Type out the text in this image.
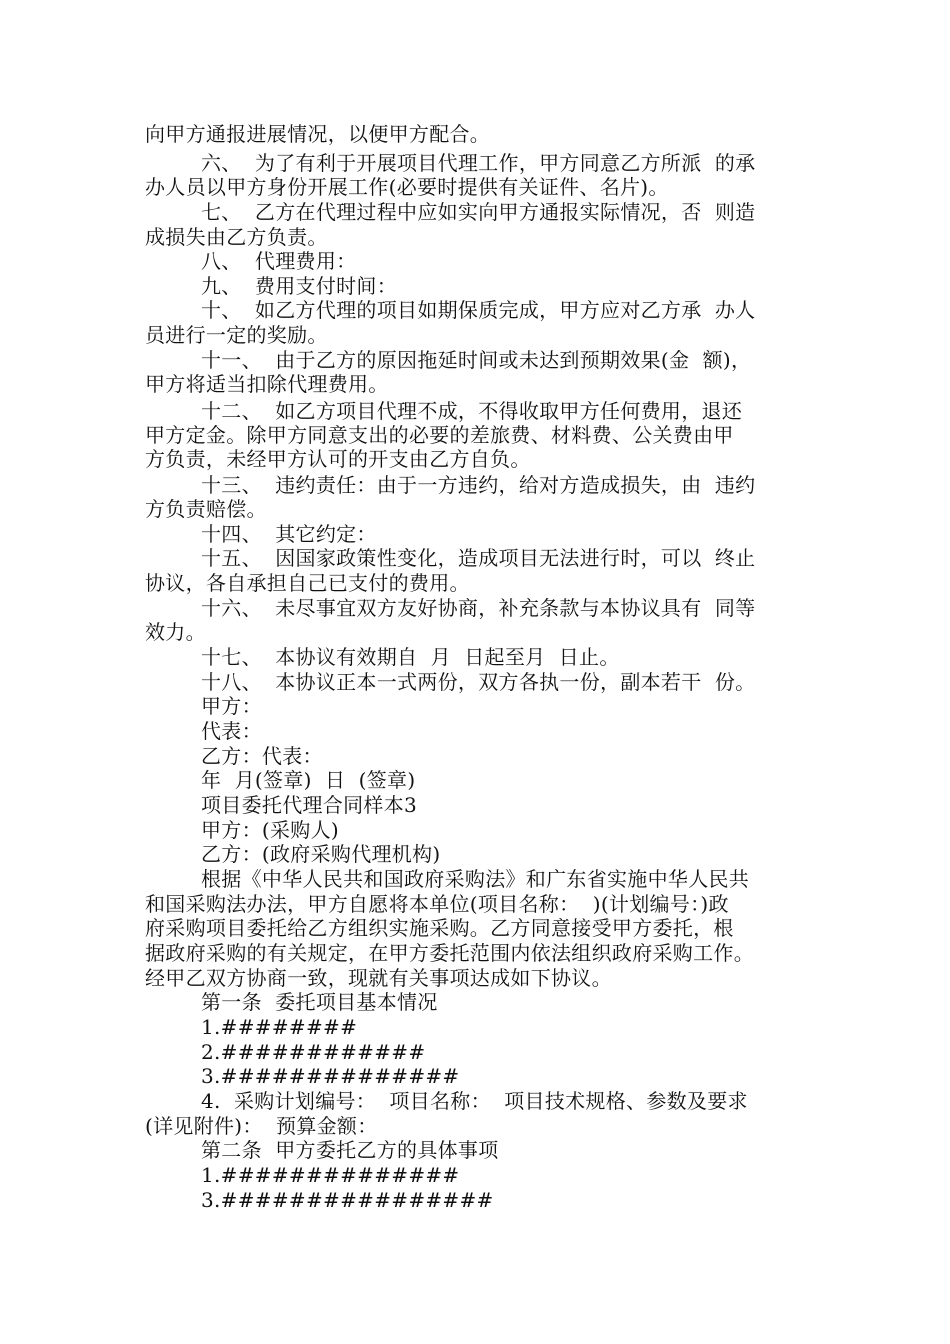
向甲方通报进展情况，以便甲方配合。
六、  为了有利于开展项目代理工作，甲方同意乙方所派  的承
办人员以甲方身份开展工作(必要时提供有关证件、名片)。
七、  乙方在代理过程中应如实向甲方通报实际情况，否  则造
成损失由乙方负责。
八、  代理费用：
九、  费用支付时间：
十、  如乙方代理的项目如期保质完成，甲方应对乙方承  办人
员进行一定的奖励。
十一、  由于乙方的原因拖延时间或未达到预期效果(金  额)，
甲方将适当扣除代理费用。
十二、  如乙方项目代理不成，不得收取甲方任何费用，退还
甲方定金。除甲方同意支出的必要的差旅费、材料费、公关费由甲
方负责，未经甲方认可的开支由乙方自负。
十三、  违约责任：由于一方违约，给对方造成损失，由  违约
方负责赔偿。
十四、  其它约定：
十五、  因国家政策性变化，造成项目无法进行时，可以  终止
协议，各自承担自己已支付的费用。
十六、  未尽事宜双方友好协商，补充条款与本协议具有  同等
效力。
十七、  本协议有效期自  月  日起至月  日止。
十八、  本协议正本一式两份，双方各执一份，副本若干  份。
甲方：
代表：
乙方：代表：
年  月(签章)  日  (签章)
项目委托代理合同样本3
甲方：(采购人)
乙方：(政府采购代理机构)
根据《中华人民共和国政府采购法》和广东省实施中华人民共
和国采购法办法，甲方自愿将本单位(项目名称：  )(计划编号：)政
府采购项目委托给乙方组织实施采购。乙方同意接受甲方委托，根
据政府采购的有关规定，在甲方委托范围内依法组织政府采购工作。
经甲乙双方协商一致，现就有关事项达成如下协议。
第一条  委托项目基本情况
1.########
2.############
3.##############
4.  采购计划编号：  项目名称：  项目技术规格、参数及要求
(详见附件)：  预算金额：
第二条  甲方委托乙方的具体事项
1.##############
3.################
